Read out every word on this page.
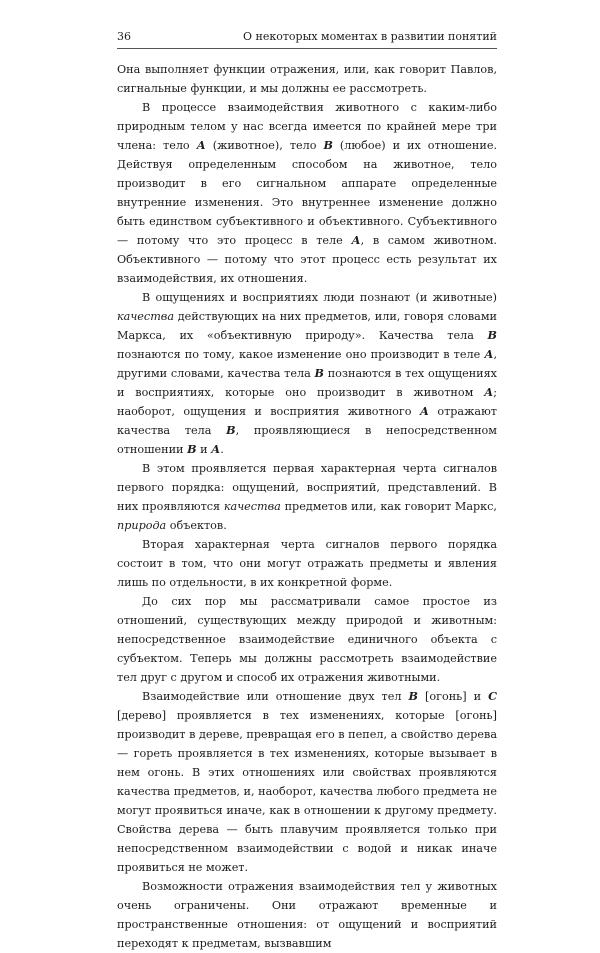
36	О некоторых моментах в развитии понятий

Она выполняет функции отражения, или, как говорит Павлов, сигнальные функции, и мы должны ее рассмотреть.

В процессе взаимодействия животного с каким-либо природным телом у нас всегда имеется по крайней мере три члена: тело А (животное), тело В (любое) и их отношение. Действуя определенным способом на животное, тело производит в его сигнальном аппарате определенные внутренние изменения. Это внутреннее изменение должно быть единством субъективного и объективного. Субъективного — потому что это процесс в теле А, в самом животном. Объективного — потому что этот процесс есть результат их взаимодействия, их отношения.

В ощущениях и восприятиях люди познают (и животные) качества действующих на них предметов, или, говоря словами Маркса, их «объективную природу». Качества тела В познаются по тому, какое изменение оно производит в теле А, другими словами, качества тела В познаются в тех ощущениях и восприятиях, которые оно производит в животном А; наоборот, ощущения и восприятия животного А отражают качества тела В, проявляющиеся в непосредственном отношении В и А.

В этом проявляется первая характерная черта сигналов первого порядка: ощущений, восприятий, представлений. В них проявляются качества предметов или, как говорит Маркс, природа объектов.

Вторая характерная черта сигналов первого порядка состоит в том, что они могут отражать предметы и явления лишь по отдельности, в их конкретной форме.

До сих пор мы рассматривали самое простое из отношений, существующих между природой и животным: непосредственное взаимодействие единичного объекта с субъектом. Теперь мы должны рассмотреть взаимодействие тел друг с другом и способ их отражения животными.

Взаимодействие или отношение двух тел В [огонь] и С [дерево] проявляется в тех изменениях, которые [огонь] производит в дереве, превращая его в пепел, а свойство дерева — гореть проявляется в тех изменениях, которые вызывает в нем огонь. В этих отношениях или свойствах проявляются качества предметов, и, наоборот, качества любого предмета не могут проявиться иначе, как в отношении к другому предмету. Свойства дерева — быть плавучим проявляется только при непосредственном взаимодействии с водой и никак иначе проявиться не может.

Возможности отражения взаимодействия тел у животных очень ограничены. Они отражают временные и пространственные отношения: от ощущений и восприятий переходят к предметам, вызвавшим
